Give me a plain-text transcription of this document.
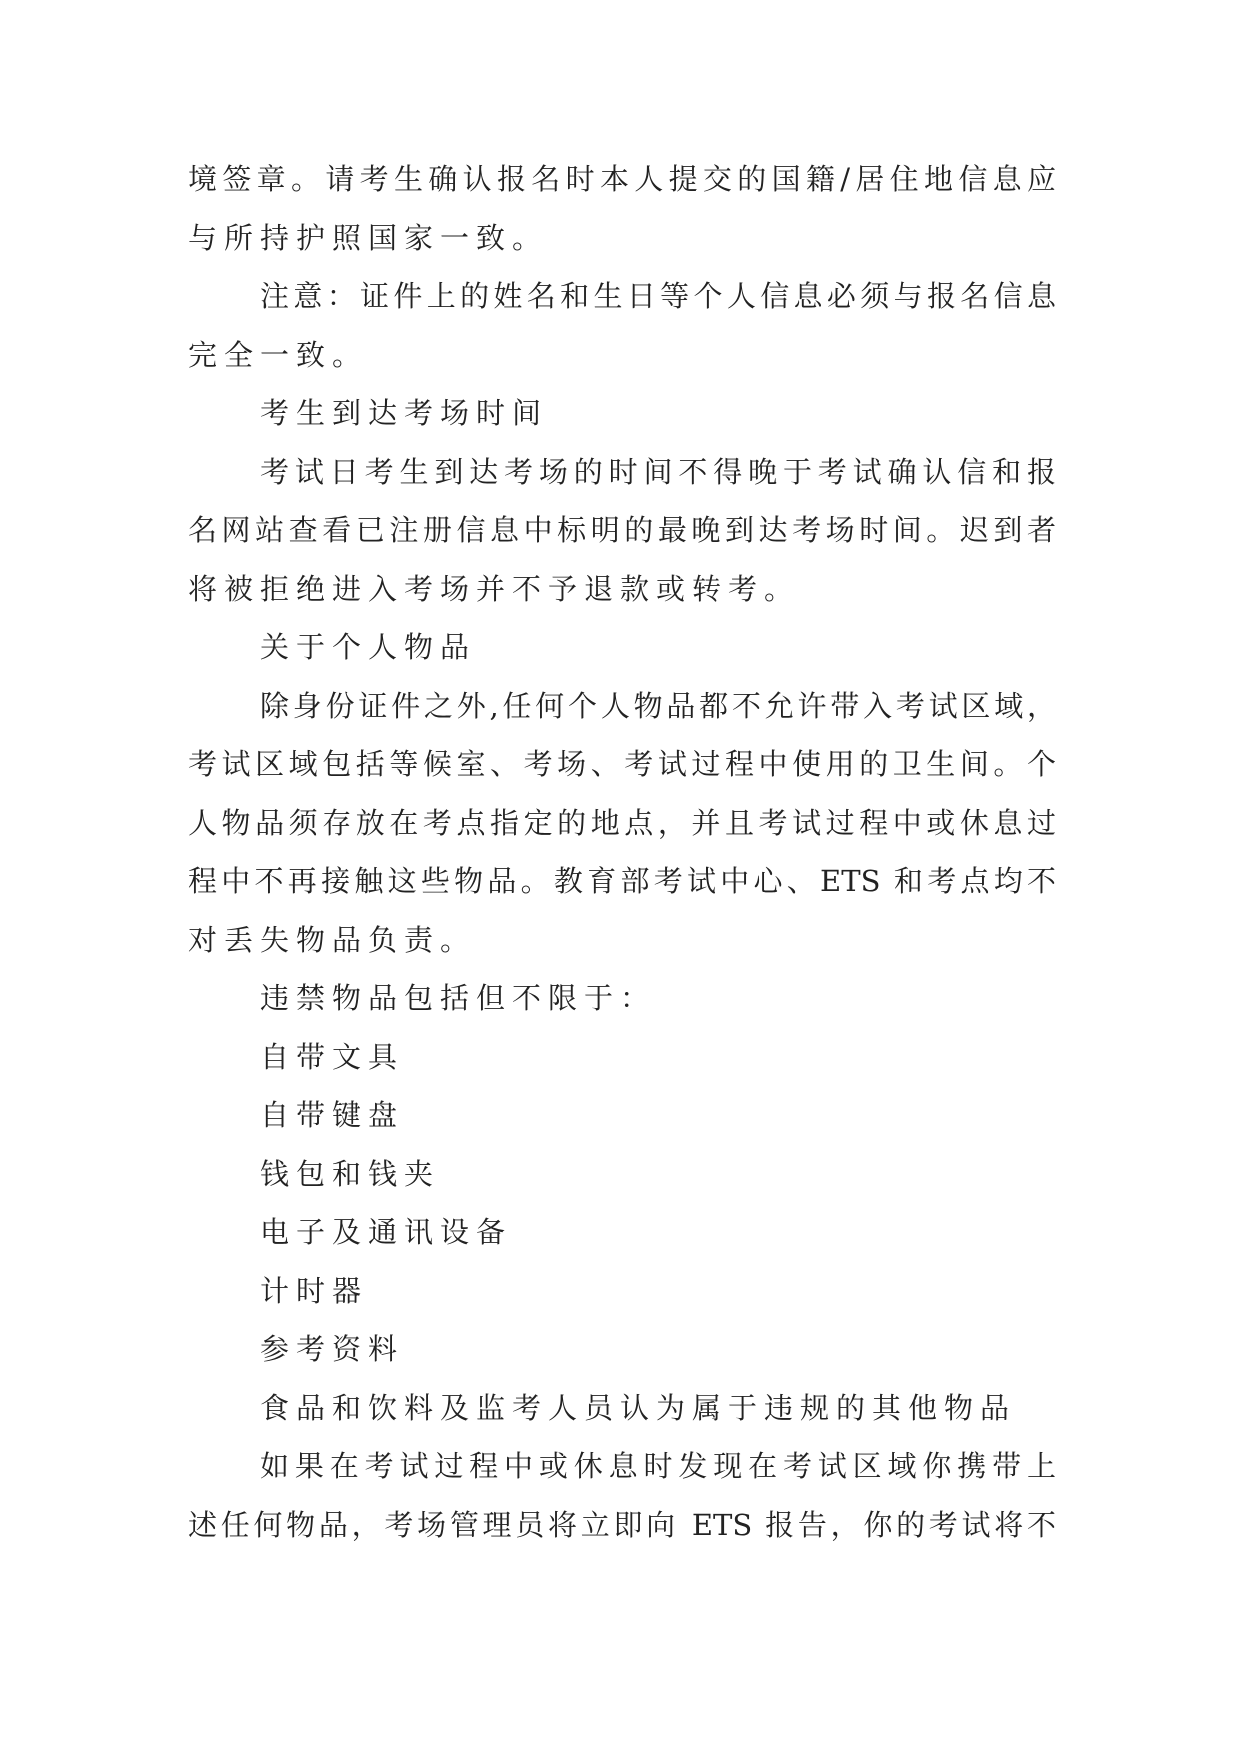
境签章。请考生确认报名时本人提交的国籍/居住地信息应
与所持护照国家一致。
注意：证件上的姓名和生日等个人信息必须与报名信息
完全一致。
考生到达考场时间
考试日考生到达考场的时间不得晚于考试确认信和报
名网站查看已注册信息中标明的最晚到达考场时间。迟到者
将被拒绝进入考场并不予退款或转考。
关于个人物品
除身份证件之外,任何个人物品都不允许带入考试区域，
考试区域包括等候室、考场、考试过程中使用的卫生间。个
人物品须存放在考点指定的地点，并且考试过程中或休息过
程中不再接触这些物品。教育部考试中心、ETS 和考点均不
对丢失物品负责。
违禁物品包括但不限于：
自带文具
自带键盘
钱包和钱夹
电子及通讯设备
计时器
参考资料
食品和饮料及监考人员认为属于违规的其他物品
如果在考试过程中或休息时发现在考试区域你携带上
述任何物品，考场管理员将立即向 ETS 报告，你的考试将不
